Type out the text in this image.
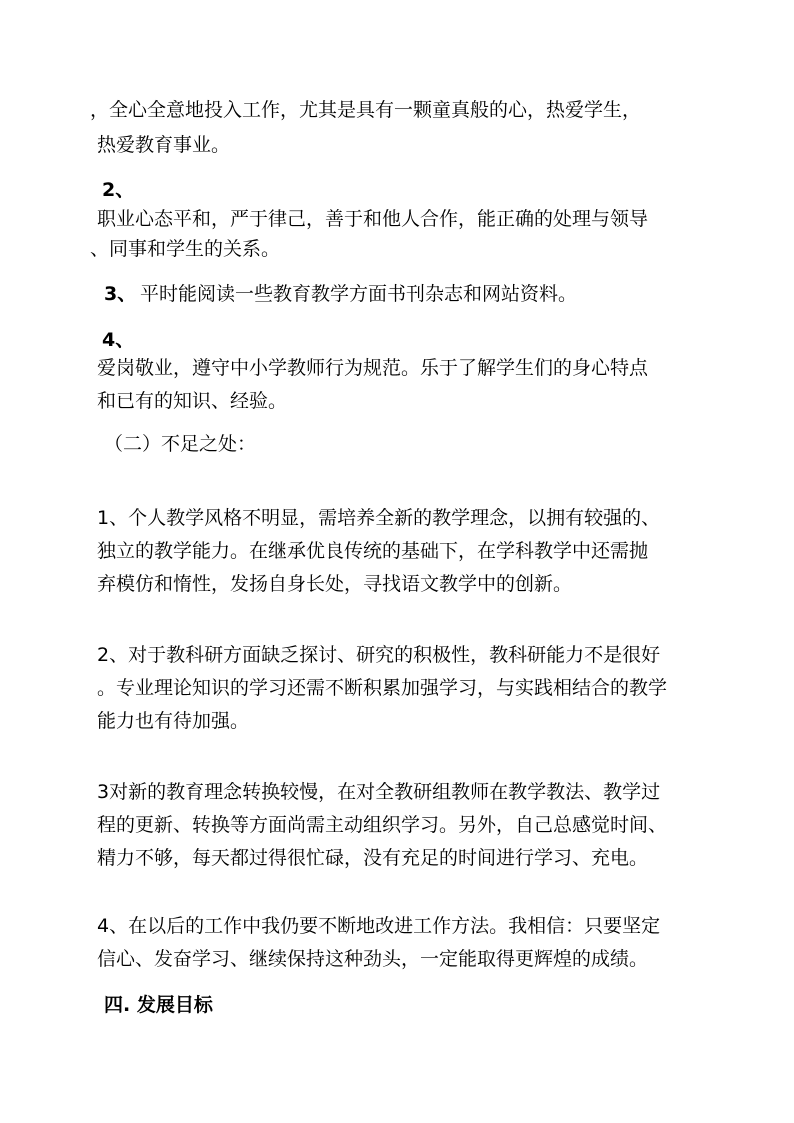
，全心全意地投入工作，尤其是具有一颗童真般的心，热爱学生，
热爱教育事业。
2、
职业心态平和，严于律己，善于和他人合作，能正确的处理与领导
、同事和学生的关系。
3、 平时能阅读一些教育教学方面书刊杂志和网站资料。
4、
爱岗敬业，遵守中小学教师行为规范。乐于了解学生们的身心特点
和已有的知识、经验。
（二）不足之处：
1、个人教学风格不明显，需培养全新的教学理念，以拥有较强的、
独立的教学能力。在继承优良传统的基础下，在学科教学中还需抛
弃模仿和惰性，发扬自身长处，寻找语文教学中的创新。
2、对于教科研方面缺乏探讨、研究的积极性，教科研能力不是很好
。专业理论知识的学习还需不断积累加强学习，与实践相结合的教学
能力也有待加强。
3对新的教育理念转换较慢，在对全教研组教师在教学教法、教学过
程的更新、转换等方面尚需主动组织学习。另外，自己总感觉时间、
精力不够，每天都过得很忙碌，没有充足的时间进行学习、充电。
4、在以后的工作中我仍要不断地改进工作方法。我相信：只要坚定
信心、发奋学习、继续保持这种劲头，一定能取得更辉煌的成绩。
四. 发展目标
